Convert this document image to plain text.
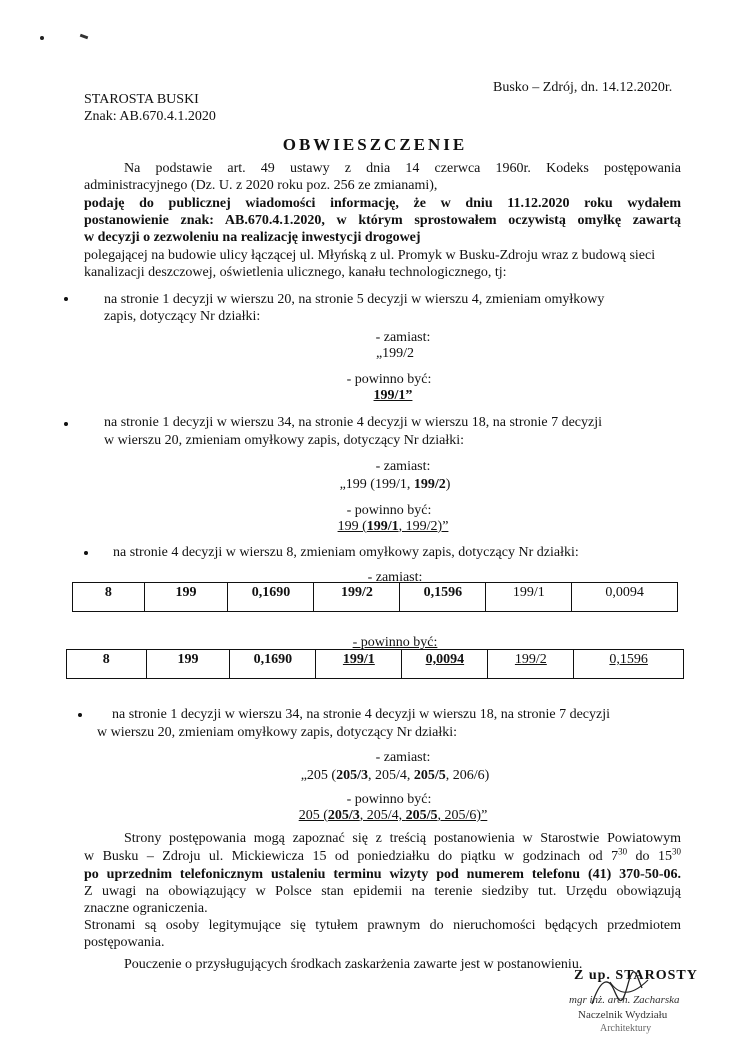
Busko – Zdrój, dn. 14.12.2020r.
STAROSTA BUSKI
Znak: AB.670.4.1.2020
OBWIESZCZENIE
Na podstawie art. 49 ustawy z dnia 14 czerwca 1960r. Kodeks postępowania
administracyjnego (Dz. U. z 2020 roku poz. 256 ze zmianami),
podaję do publicznej wiadomości informację, że w dniu 11.12.2020 roku wydałem
postanowienie znak: AB.670.4.1.2020, w którym sprostowałem oczywistą omyłkę zawartą
w decyzji o zezwoleniu na realizację inwestycji drogowej
polegającej na budowie ulicy łączącej ul. Młyńską z ul. Promyk w Busku-Zdroju wraz z budową sieci
kanalizacji deszczowej, oświetlenia ulicznego, kanału technologicznego, tj:
na stronie 1 decyzji w wierszu 20, na stronie 5 decyzji w wierszu 4, zmieniam omyłkowy
zapis, dotyczący Nr działki:
- zamiast:
„199/2
- powinno być:
199/1”
na stronie 1 decyzji w wierszu 34, na stronie 4 decyzji w wierszu 18, na stronie 7 decyzji
w wierszu 20, zmieniam omyłkowy zapis, dotyczący Nr działki:
- zamiast:
„199 (199/1, 199/2)
- powinno być:
199 (199/1, 199/2)”
na stronie 4 decyzji w wierszu 8, zmieniam omyłkowy zapis, dotyczący Nr działki:
- zamiast:
8	199	0,1690	199/2	0,1596	199/1	0,0094
- powinno być:
8	199	0,1690	199/1	0,0094	199/2	0,1596
na stronie 1 decyzji w wierszu 34, na stronie 4 decyzji w wierszu 18, na stronie 7 decyzji
w wierszu 20, zmieniam omyłkowy zapis, dotyczący Nr działki:
- zamiast:
„205 (205/3, 205/4, 205/5, 206/6)
- powinno być:
205 (205/3, 205/4, 205/5, 205/6)”
Strony postępowania mogą zapoznać się z treścią postanowienia w Starostwie Powiatowym
w Busku – Zdroju ul. Mickiewicza 15 od poniedziałku do piątku w godzinach od $7^{30}$ do $15^{30}$
po uprzednim telefonicznym ustaleniu terminu wizyty pod numerem telefonu (41) 370-50-06.
Z uwagi na obowiązujący w Polsce stan epidemii na terenie siedziby tut. Urzędu obowiązują
znaczne ograniczenia.
Stronami są osoby legitymujące się tytułem prawnym do nieruchomości będących przedmiotem
postępowania.
Pouczenie o przysługujących środkach zaskarżenia zawarte jest w postanowieniu.
Z up. STAROSTY
mgr inż. arch. Zacharska
Naczelnik Wydziału
Architektury
